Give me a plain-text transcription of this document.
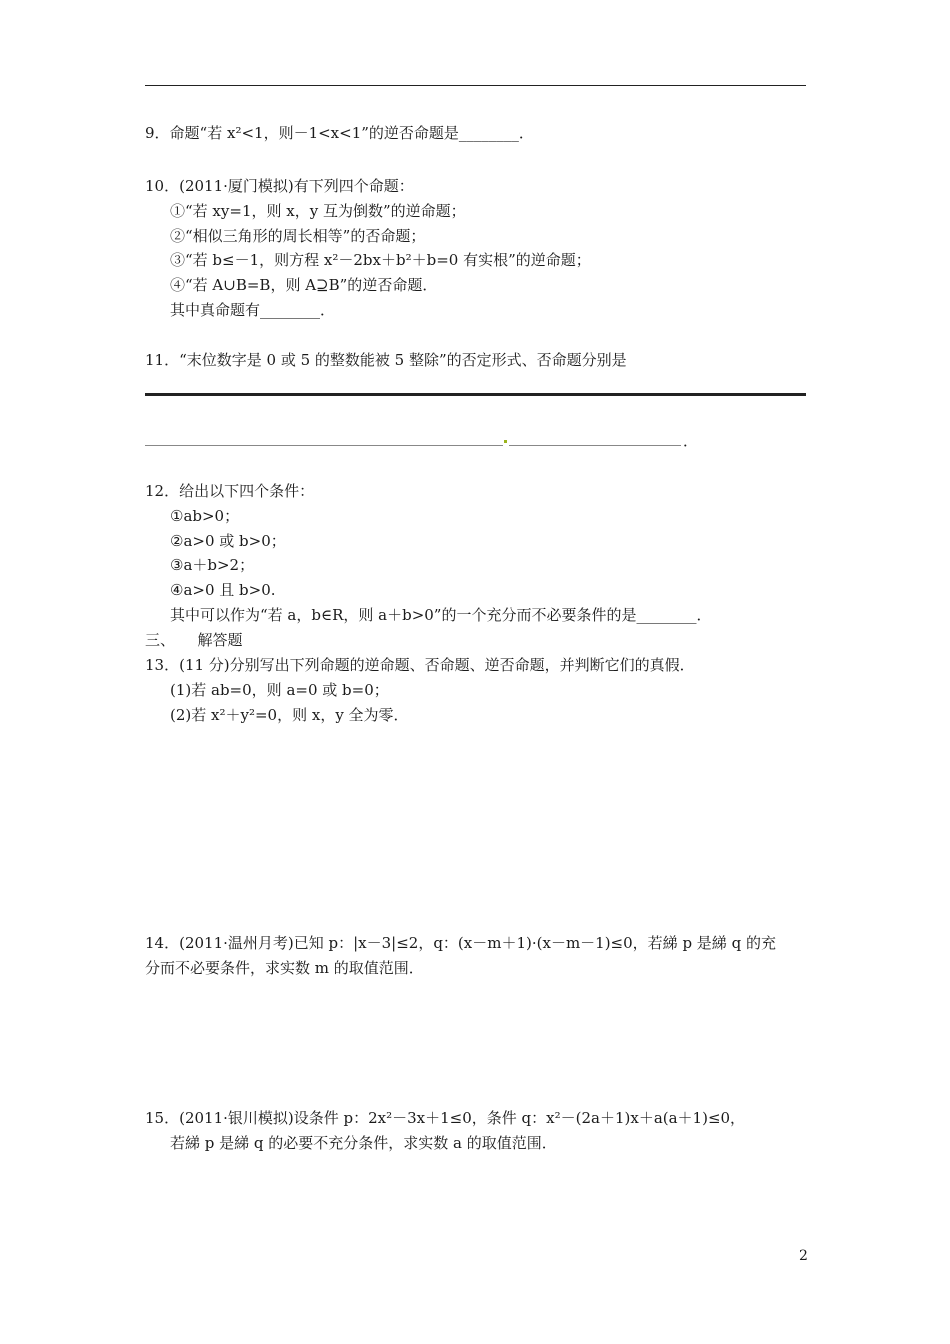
9．命题“若 x²<1，则－1<x<1”的逆否命题是________．
10．(2011·厦门模拟)有下列四个命题：
①“若 xy=1，则 x，y 互为倒数”的逆命题；
②“相似三角形的周长相等”的否命题；
③“若 b≤－1，则方程 x²－2bx＋b²＋b=0 有实根”的逆命题；
④“若 A∪B=B，则 A⊇B”的逆否命题．
其中真命题有________．
11．“末位数字是 0 或 5 的整数能被 5 整除”的否定形式、否命题分别是
．
12．给出以下四个条件：
①ab>0；
②a>0 或 b>0；
③a＋b>2；
④a>0 且 b>0.
其中可以作为“若 a，b∈R，则 a＋b>0”的一个充分而不必要条件的是________．
三、　　解答题
13．(11 分)分别写出下列命题的逆命题、否命题、逆否命题，并判断它们的真假．
(1)若 ab=0，则 a=0 或 b=0；
(2)若 x²＋y²=0，则 x，y 全为零．
14．(2011·温州月考)已知 p：|x－3|≤2，q：(x－m＋1)·(x－m－1)≤0，若綈 p 是綈 q 的充
分而不必要条件，求实数 m 的取值范围．
15．(2011·银川模拟)设条件 p：2x²－3x＋1≤0，条件 q：x²－(2a＋1)x＋a(a＋1)≤0，
若綈 p 是綈 q 的必要不充分条件，求实数 a 的取值范围．
2
